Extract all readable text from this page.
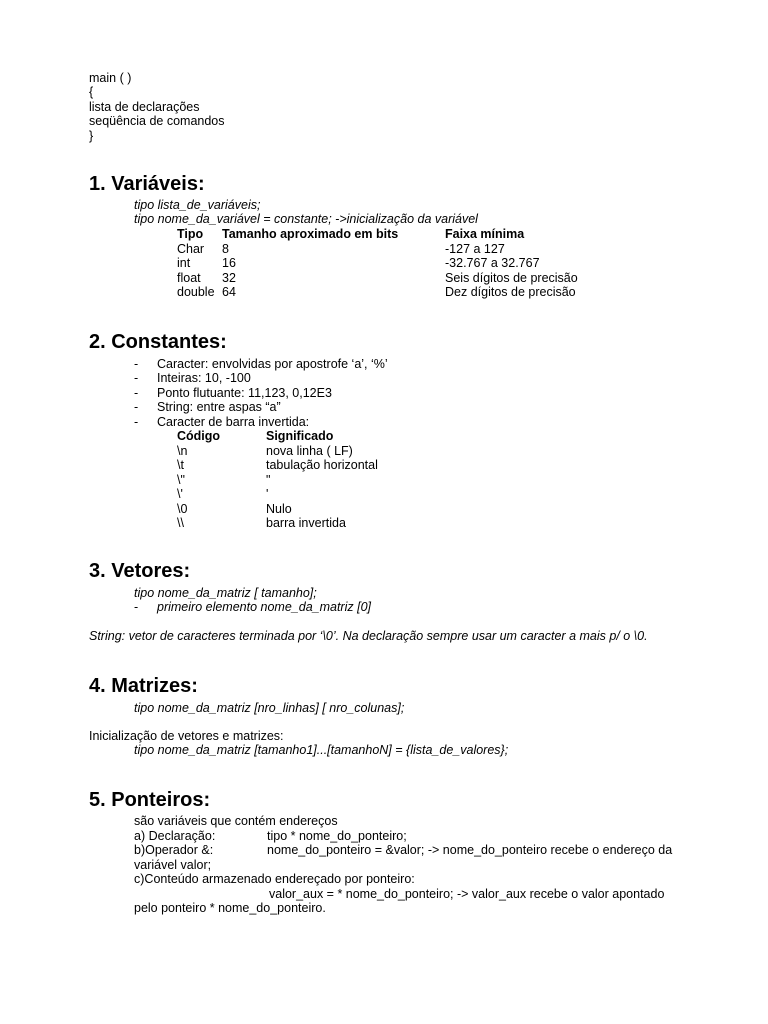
main ( )
{
lista de declarações
seqüência de comandos
}
1. Variáveis:
tipo lista_de_variáveis;
tipo nome_da_variável = constante; ->inicialização da variável
Tipo	Tamanho aproximado em bits	Faixa mínima
Char	8	-127 a 127
int	16	-32.767 a 32.767
float	32	Seis dígitos de precisão
double	64	Dez dígitos de precisão
2. Constantes:
- Caracter: envolvidas por apostrofe ‘a’, ‘%’
- Inteiras: 10, -100
- Ponto flutuante: 11,123, 0,12E3
- String: entre aspas “a”
- Caracter de barra invertida:
Código	Significado
\n	nova linha ( LF)
\t	tabulação horizontal
\"	"
\'	'
\0	Nulo
\\	barra invertida
3. Vetores:
tipo nome_da_matriz [ tamanho];
- primeiro elemento nome_da_matriz [0]
String: vetor de caracteres terminada por ‘\0’. Na declaração sempre usar um caracter a mais p/ o \0.
4. Matrizes:
tipo nome_da_matriz [nro_linhas] [ nro_colunas];
Inicialização de vetores e matrizes:
tipo nome_da_matriz [tamanho1]...[tamanhoN] = {lista_de_valores};
5. Ponteiros:
são variáveis que contém endereços
a) Declaração:	tipo * nome_do_ponteiro;
b)Operador &:	nome_do_ponteiro = &valor; -> nome_do_ponteiro recebe o endereço da
variável valor;
c)Conteúdo armazenado endereçado por ponteiro:
valor_aux = * nome_do_ponteiro; -> valor_aux recebe o valor apontado
pelo ponteiro * nome_do_ponteiro.
